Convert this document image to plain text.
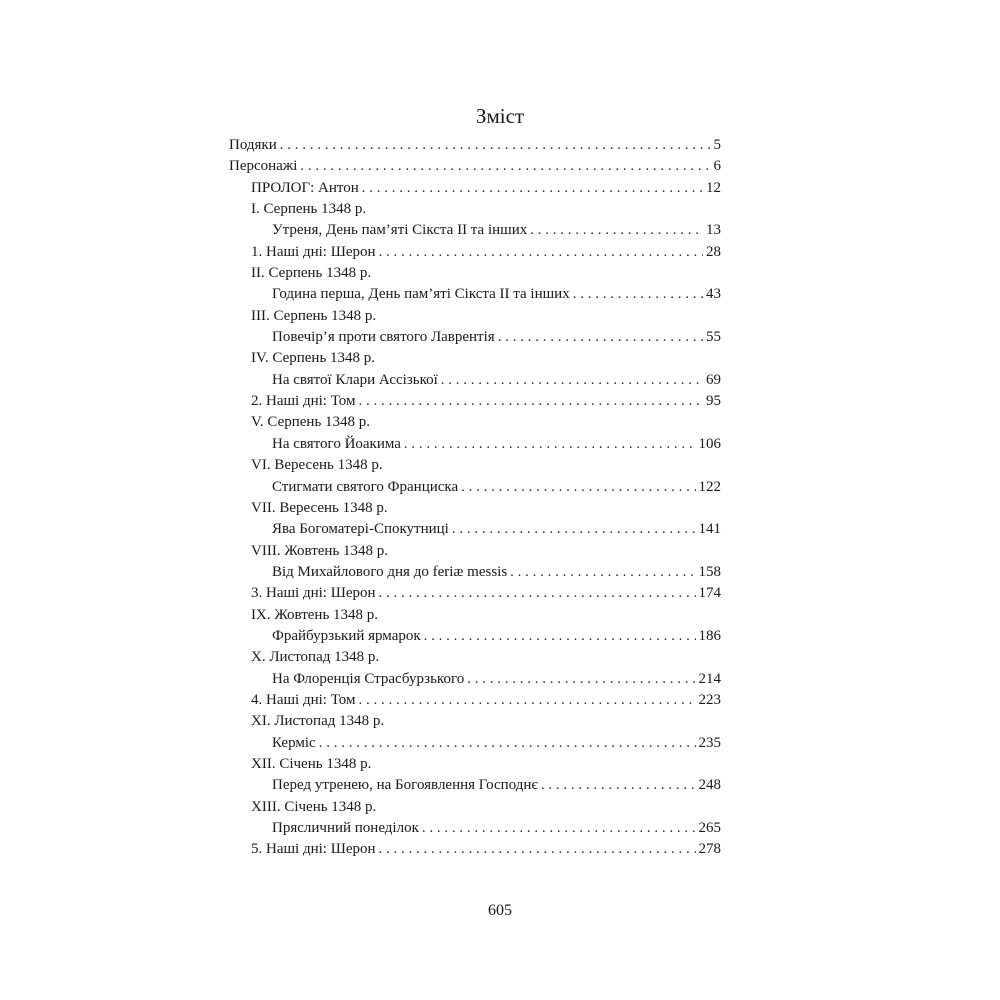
Зміст
Подяки . . .	5
Персонажі . . .	6
ПРОЛОГ: Антон . . .	12
I. Серпень 1348 р.
Утреня, День пам’яті Сікста II та інших . . .	13
1. Наші дні: Шерон . . .	28
II. Серпень 1348 р.
Година перша, День пам’яті Сікста II та інших . . .	43
III. Серпень 1348 р.
Повечір’я проти святого Лаврентія . . .	55
IV. Серпень 1348 р.
На святої Клари Ассізької . . .	69
2. Наші дні: Том . . .	95
V. Серпень 1348 р.
На святого Йоакима . . .	106
VI. Вересень 1348 р.
Стигмати святого Франциска . . .	122
VII. Вересень 1348 р.
Ява Богоматері-Спокутниці . . .	141
VIII. Жовтень 1348 р.
Від Михайлового дня до feriæ messis . . .	158
3. Наші дні: Шерон . . .	174
IX. Жовтень 1348 р.
Фрайбурзький ярмарок . . .	186
X. Листопад 1348 р.
На Флоренція Страсбурзького . . .	214
4. Наші дні: Том . . .	223
XI. Листопад 1348 р.
Керміс . . .	235
XII. Січень 1348 р.
Перед утренею, на Богоявлення Господнє . . .	248
XIII. Січень 1348 р.
Прясличний понеділок . . .	265
5. Наші дні: Шерон . . .	278
605
